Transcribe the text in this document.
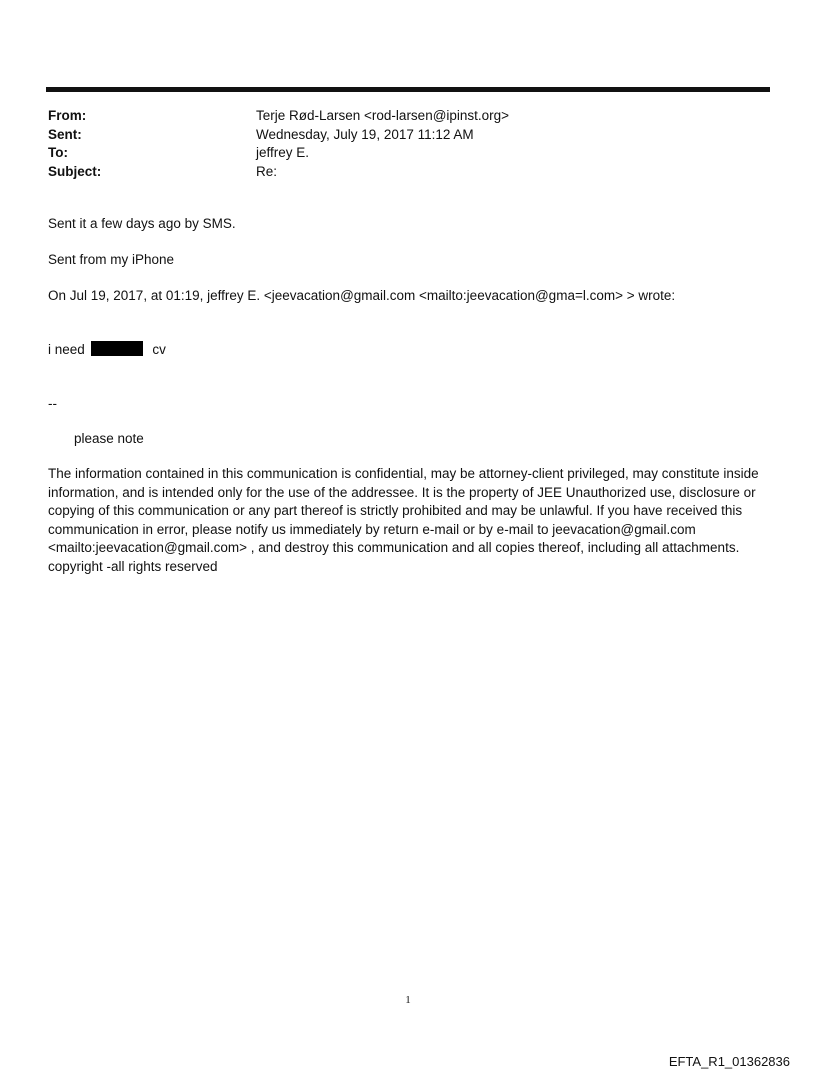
From:	Terje Rød-Larsen <rod-larsen@ipinst.org>
Sent:	Wednesday, July 19, 2017 11:12 AM
To:	jeffrey E.
Subject:	Re:
Sent it a few days ago by SMS.
Sent from my iPhone
On Jul 19, 2017, at 01:19, jeffrey E. <jeevacation@gmail.com <mailto:jeevacation@gma=l.com> > wrote:
i need	cv
--
please note
The information contained in this communication is confidential, may be attorney-client privileged, may constitute inside information, and is intended only for the use of the addressee. It is the property of JEE Unauthorized use, disclosure or copying of this communication or any part thereof is strictly prohibited and may be unlawful. If you have received this communication in error, please notify us immediately by return e-mail or by e-mail to jeevacation@gmail.com <mailto:jeevacation@gmail.com> , and destroy this communication and all copies thereof, including all attachments. copyright -all rights reserved
1
EFTA_R1_01362836
